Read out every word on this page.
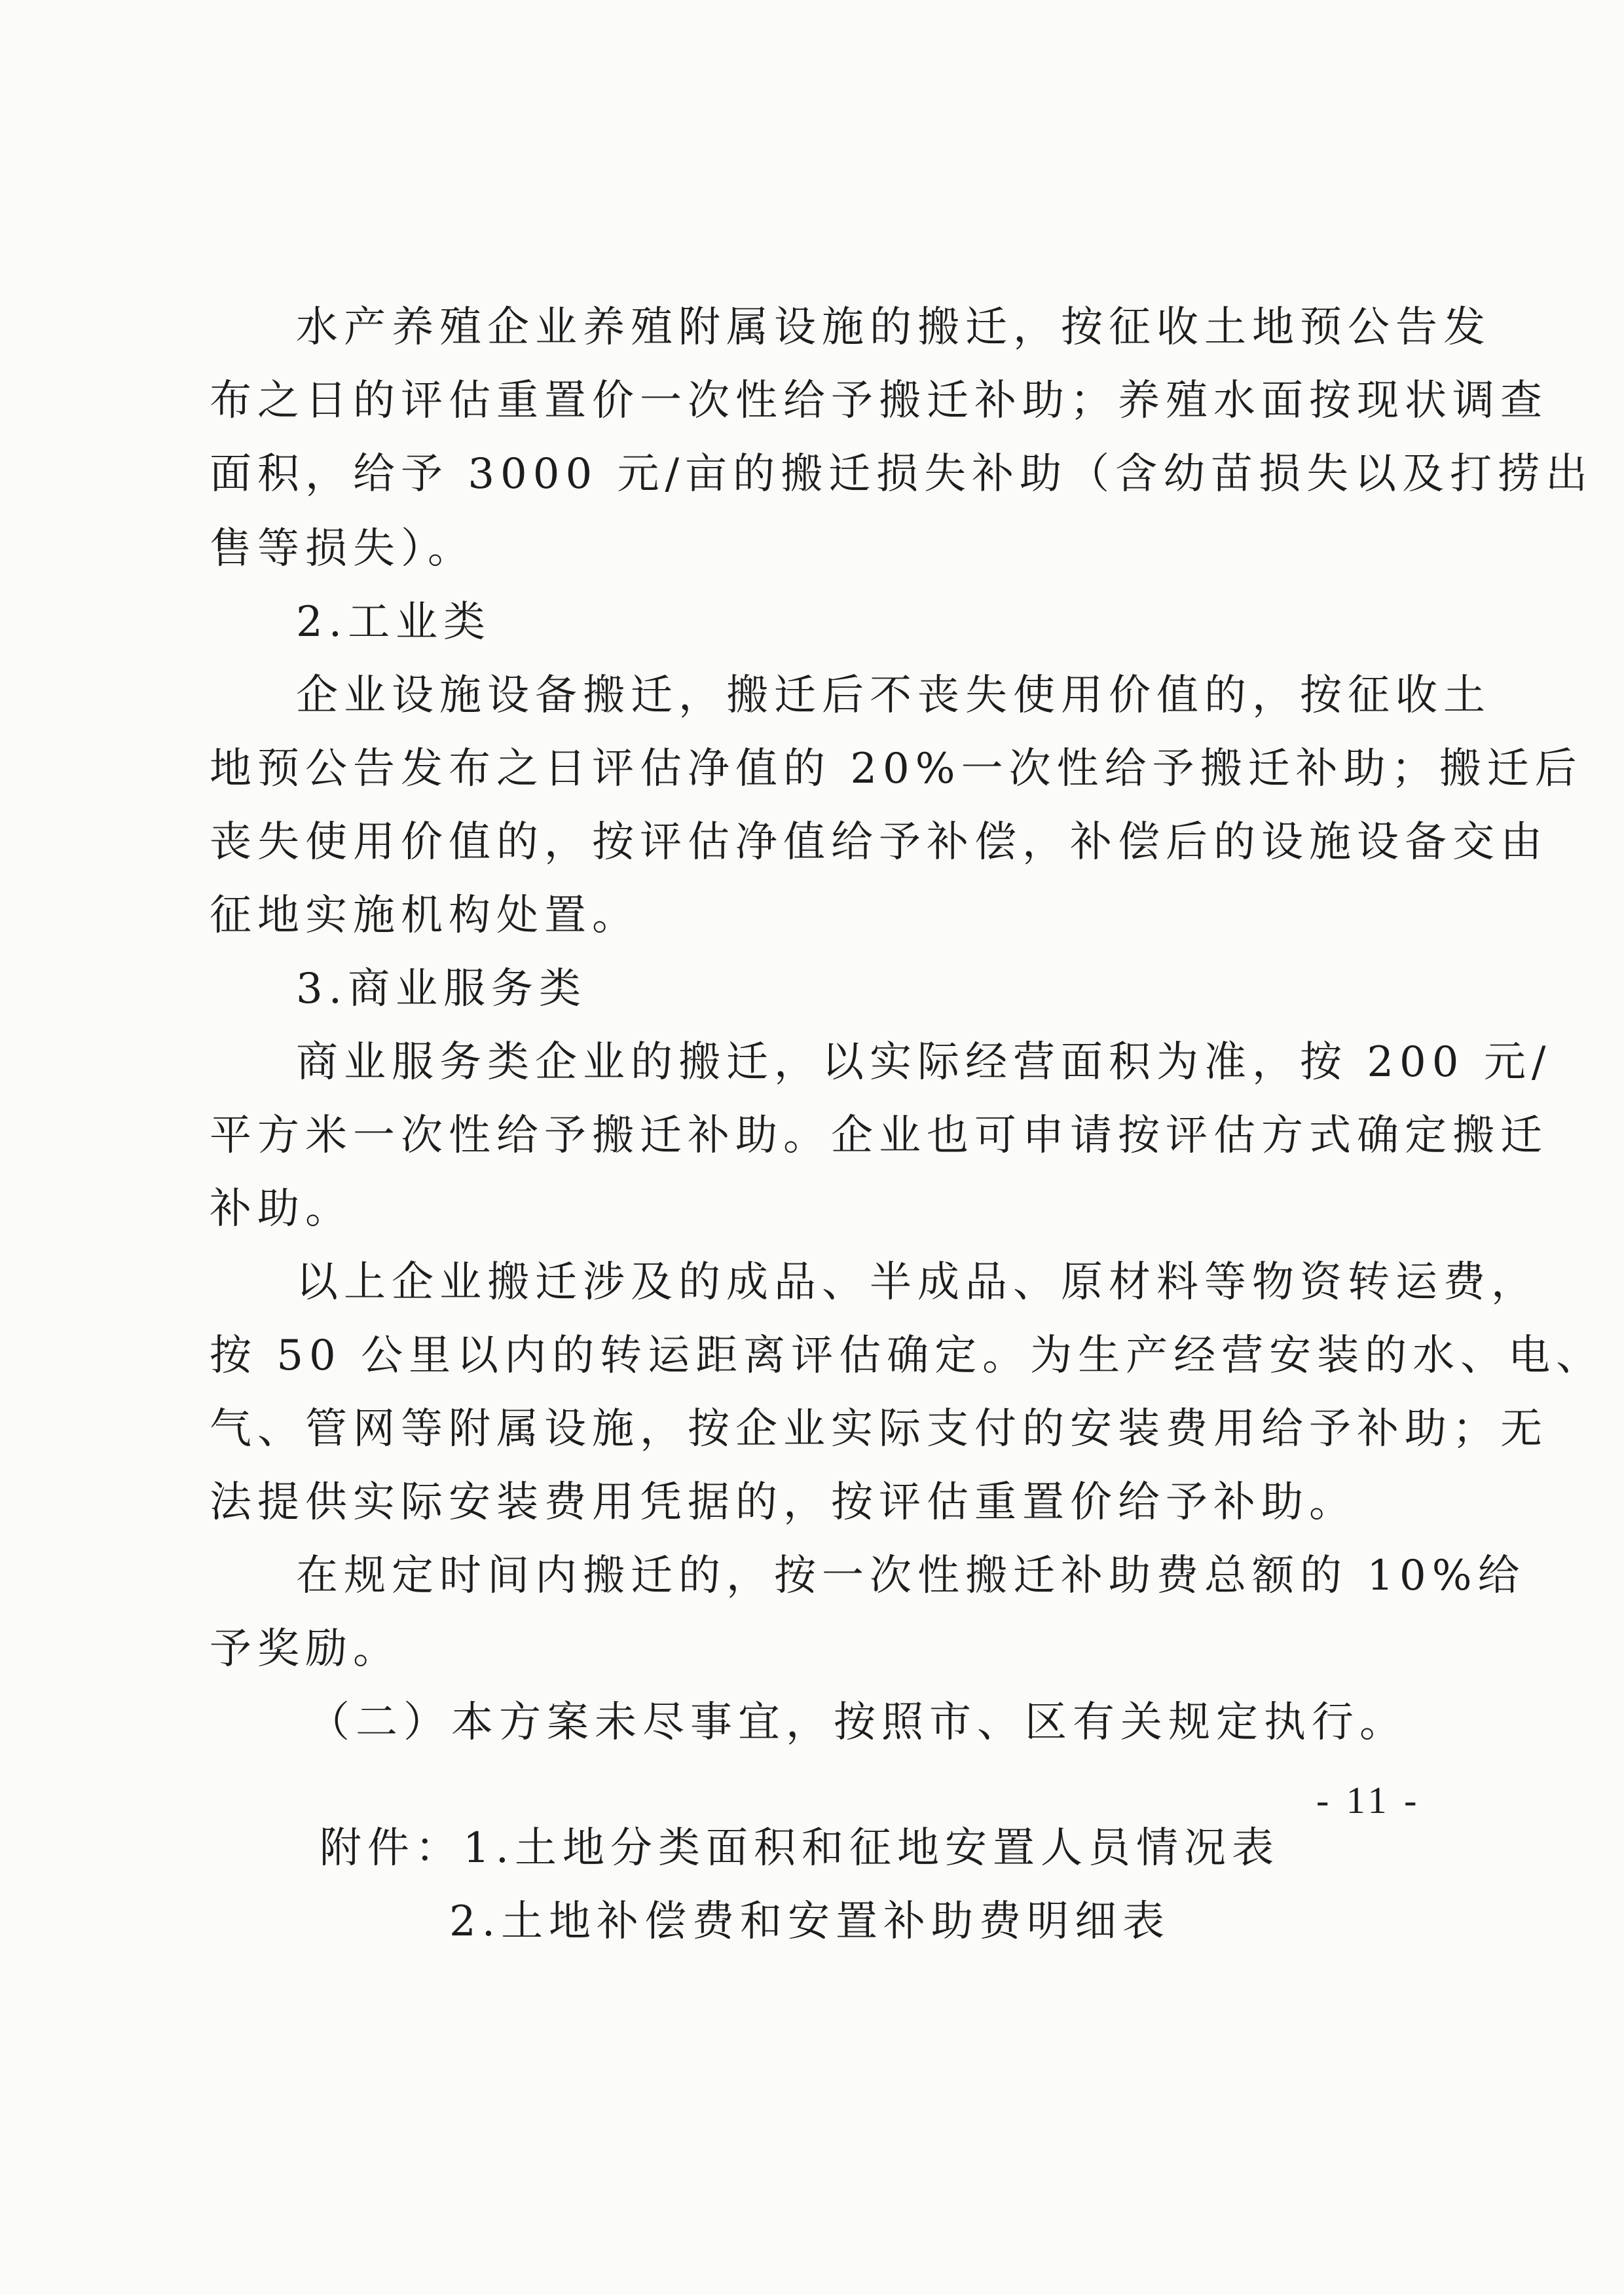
水产养殖企业养殖附属设施的搬迁，按征收土地预公告发

布之日的评估重置价一次性给予搬迁补助；养殖水面按现状调查

面积，给予 3000 元/亩的搬迁损失补助（含幼苗损失以及打捞出

售等损失）。

2.工业类

企业设施设备搬迁，搬迁后不丧失使用价值的，按征收土

地预公告发布之日评估净值的 20%一次性给予搬迁补助；搬迁后

丧失使用价值的，按评估净值给予补偿，补偿后的设施设备交由

征地实施机构处置。

3.商业服务类

商业服务类企业的搬迁，以实际经营面积为准，按 200 元/

平方米一次性给予搬迁补助。企业也可申请按评估方式确定搬迁

补助。

以上企业搬迁涉及的成品、半成品、原材料等物资转运费，

按 50 公里以内的转运距离评估确定。为生产经营安装的水、电、

气、管网等附属设施，按企业实际支付的安装费用给予补助；无

法提供实际安装费用凭据的，按评估重置价给予补助。

在规定时间内搬迁的，按一次性搬迁补助费总额的 10%给

予奖励。

（二）本方案未尽事宜，按照市、区有关规定执行。

附件：1.土地分类面积和征地安置人员情况表

2.土地补偿费和安置补助费明细表

- 11 -
